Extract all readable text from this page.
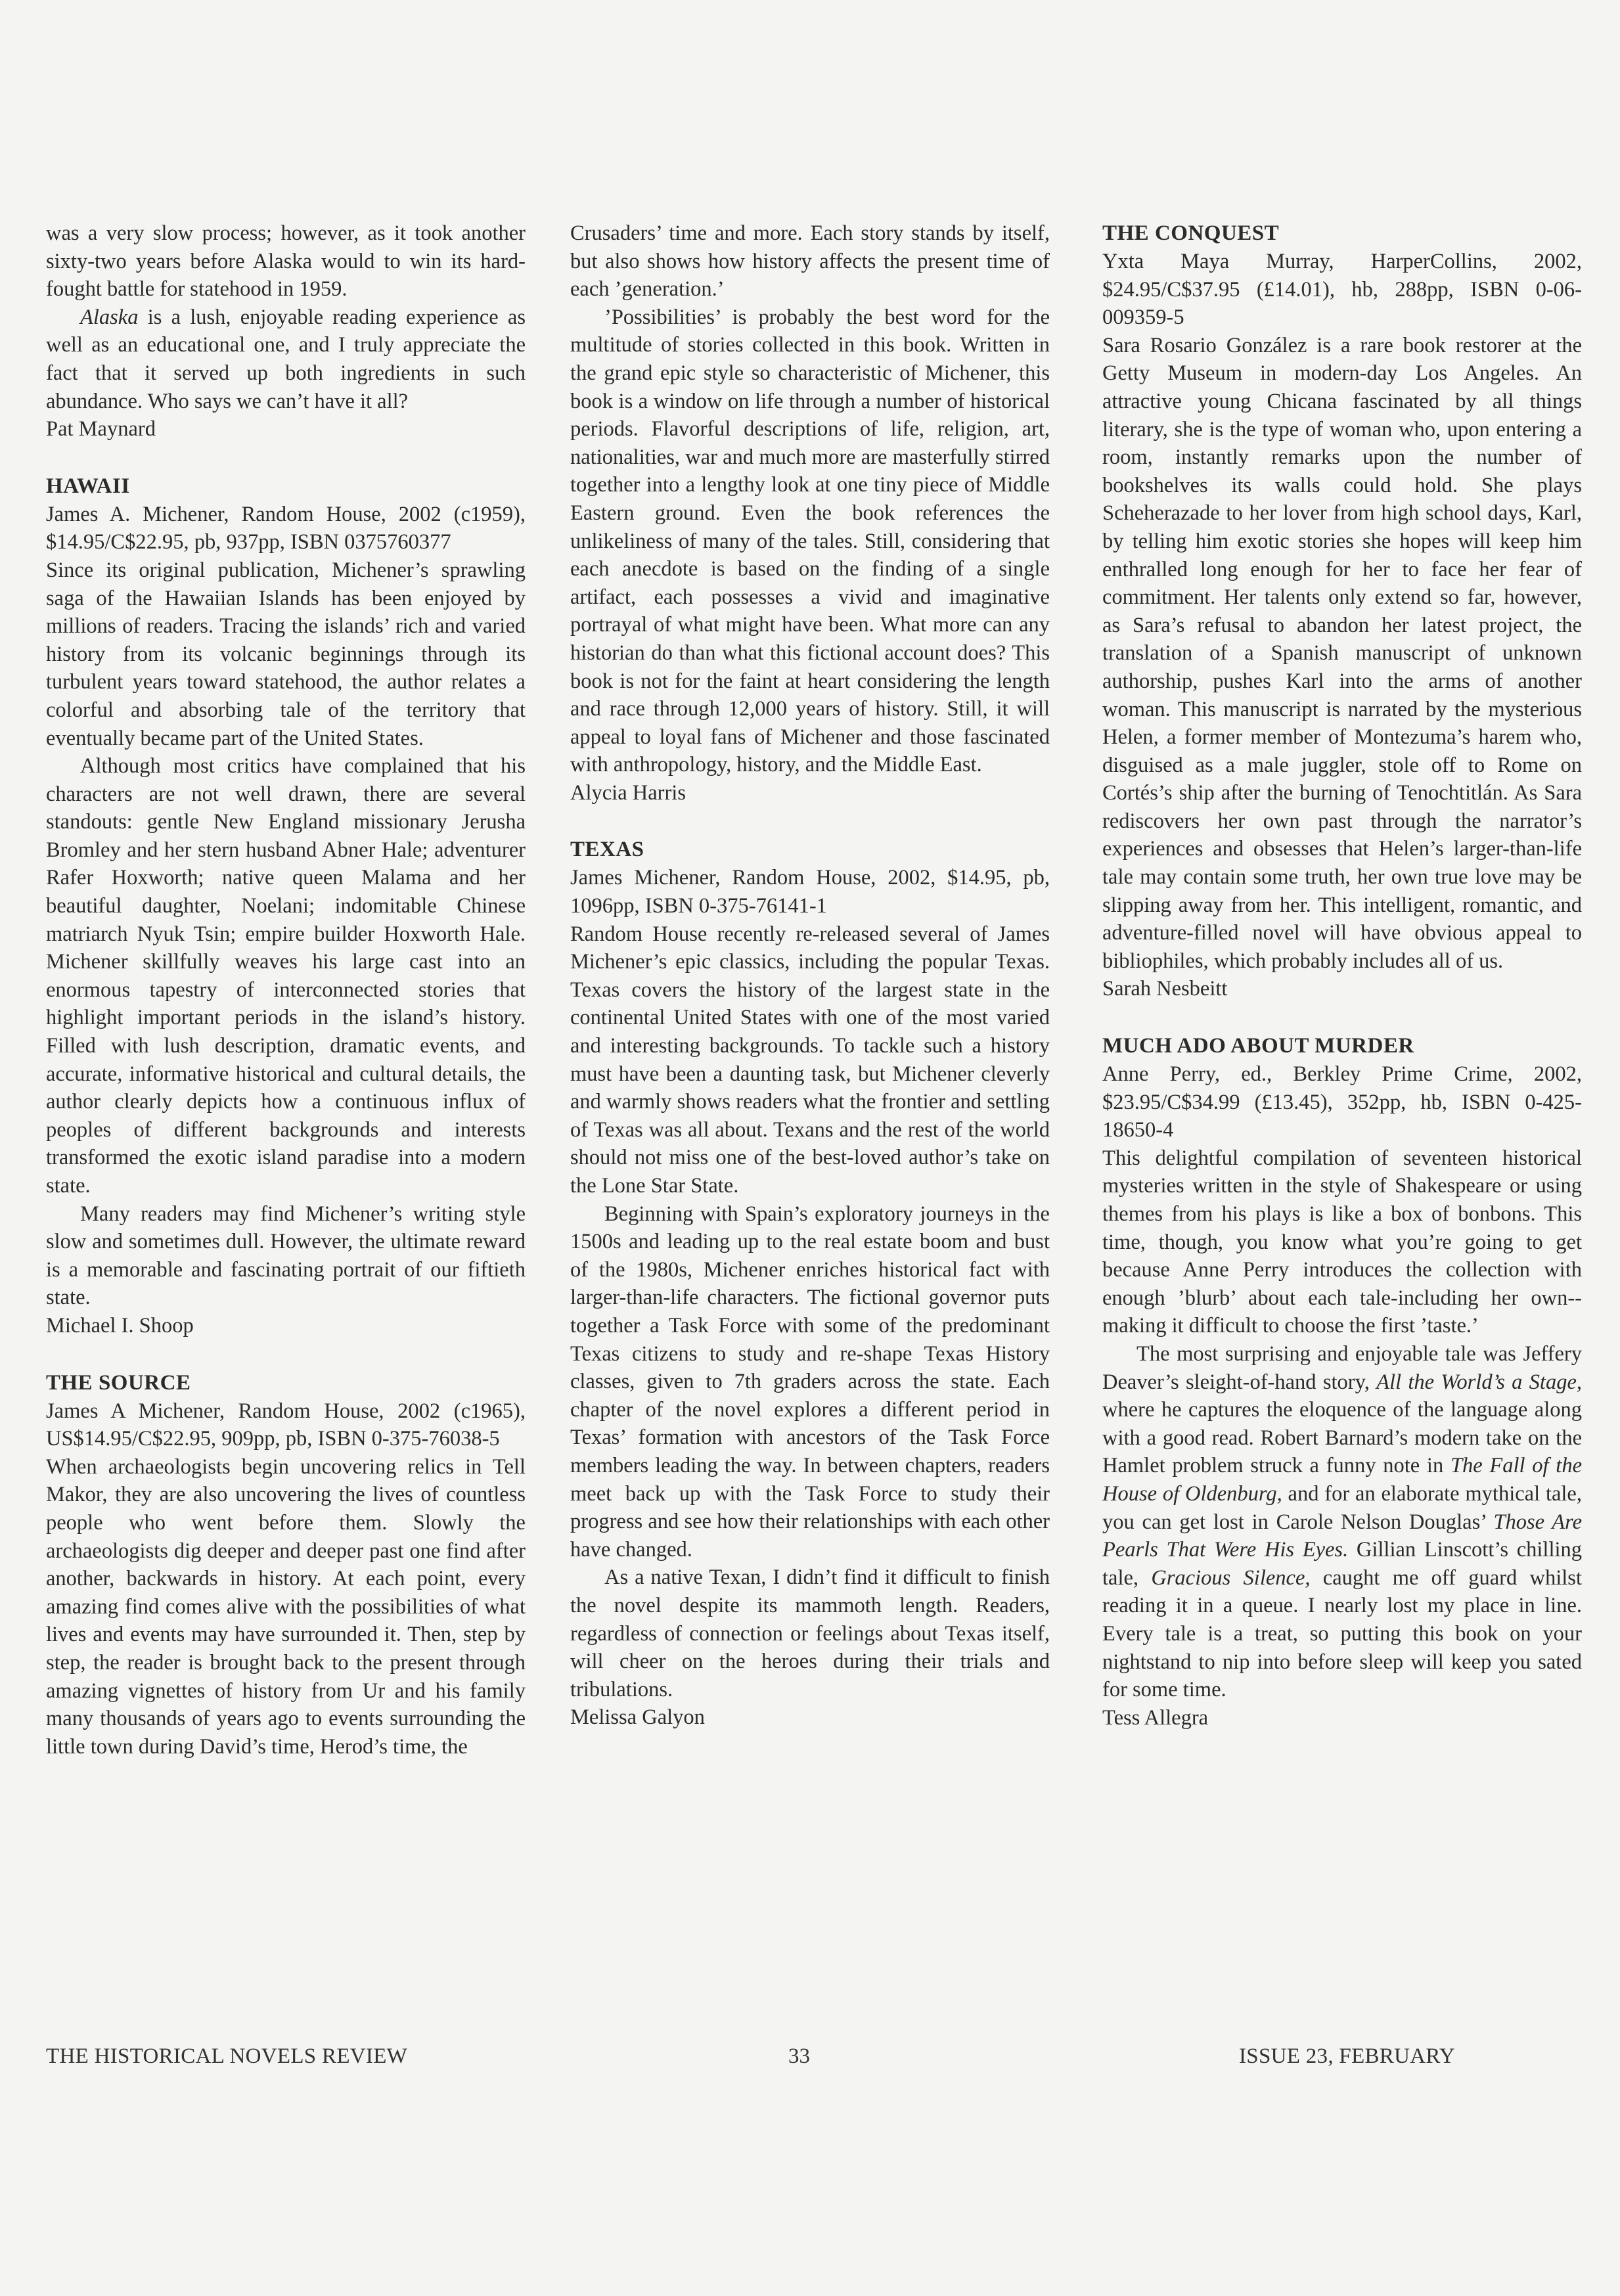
was a very slow process; however, as it took another sixty-two years before Alaska would to win its hard-fought battle for statehood in 1959.

Alaska is a lush, enjoyable reading experience as well as an educational one, and I truly appreciate the fact that it served up both ingredients in such abundance. Who says we can’t have it all?

Pat Maynard

HAWAII

James A. Michener, Random House, 2002 (c1959), $14.95/C$22.95, pb, 937pp, ISBN 0375760377

Since its original publication, Michener’s sprawling saga of the Hawaiian Islands has been enjoyed by millions of readers. Tracing the islands’ rich and varied history from its volcanic beginnings through its turbulent years toward statehood, the author relates a colorful and absorbing tale of the territory that eventually became part of the United States.

Although most critics have complained that his characters are not well drawn, there are several standouts: gentle New England missionary Jerusha Bromley and her stern husband Abner Hale; adventurer Rafer Hoxworth; native queen Malama and her beautiful daughter, Noelani; indomitable Chinese matriarch Nyuk Tsin; empire builder Hoxworth Hale. Michener skillfully weaves his large cast into an enormous tapestry of interconnected stories that highlight important periods in the island’s history. Filled with lush description, dramatic events, and accurate, informative historical and cultural details, the author clearly depicts how a continuous influx of peoples of different backgrounds and interests transformed the exotic island paradise into a modern state.

Many readers may find Michener’s writing style slow and sometimes dull. However, the ultimate reward is a memorable and fascinating portrait of our fiftieth state.

Michael I. Shoop

THE SOURCE

James A Michener, Random House, 2002 (c1965), US$14.95/C$22.95, 909pp, pb, ISBN 0-375-76038-5

When archaeologists begin uncovering relics in Tell Makor, they are also uncovering the lives of countless people who went before them. Slowly the archaeologists dig deeper and deeper past one find after another, backwards in history. At each point, every amazing find comes alive with the possibilities of what lives and events may have surrounded it. Then, step by step, the reader is brought back to the present through amazing vignettes of history from Ur and his family many thousands of years ago to events surrounding the little town during David’s time, Herod’s time, the

Crusaders’ time and more. Each story stands by itself, but also shows how history affects the present time of each ’generation.’

’Possibilities’ is probably the best word for the multitude of stories collected in this book. Written in the grand epic style so characteristic of Michener, this book is a window on life through a number of historical periods. Flavorful descriptions of life, religion, art, nationalities, war and much more are masterfully stirred together into a lengthy look at one tiny piece of Middle Eastern ground. Even the book references the unlikeliness of many of the tales. Still, considering that each anecdote is based on the finding of a single artifact, each possesses a vivid and imaginative portrayal of what might have been. What more can any historian do than what this fictional account does? This book is not for the faint at heart considering the length and race through 12,000 years of history. Still, it will appeal to loyal fans of Michener and those fascinated with anthropology, history, and the Middle East.

Alycia Harris

TEXAS

James Michener, Random House, 2002, $14.95, pb, 1096pp, ISBN 0-375-76141-1

Random House recently re-released several of James Michener’s epic classics, including the popular Texas. Texas covers the history of the largest state in the continental United States with one of the most varied and interesting backgrounds. To tackle such a history must have been a daunting task, but Michener cleverly and warmly shows readers what the frontier and settling of Texas was all about. Texans and the rest of the world should not miss one of the best-loved author’s take on the Lone Star State.

Beginning with Spain’s exploratory journeys in the 1500s and leading up to the real estate boom and bust of the 1980s, Michener enriches historical fact with larger-than-life characters. The fictional governor puts together a Task Force with some of the predominant Texas citizens to study and re-shape Texas History classes, given to 7th graders across the state. Each chapter of the novel explores a different period in Texas’ formation with ancestors of the Task Force members leading the way. In between chapters, readers meet back up with the Task Force to study their progress and see how their relationships with each other have changed.

As a native Texan, I didn’t find it difficult to finish the novel despite its mammoth length. Readers, regardless of connection or feelings about Texas itself, will cheer on the heroes during their trials and tribulations.

Melissa Galyon

THE CONQUEST

Yxta Maya Murray, HarperCollins, 2002, $24.95/C$37.95 (£14.01), hb, 288pp, ISBN 0-06-009359-5

Sara Rosario González is a rare book restorer at the Getty Museum in modern-day Los Angeles. An attractive young Chicana fascinated by all things literary, she is the type of woman who, upon entering a room, instantly remarks upon the number of bookshelves its walls could hold. She plays Scheherazade to her lover from high school days, Karl, by telling him exotic stories she hopes will keep him enthralled long enough for her to face her fear of commitment. Her talents only extend so far, however, as Sara’s refusal to abandon her latest project, the translation of a Spanish manuscript of unknown authorship, pushes Karl into the arms of another woman. This manuscript is narrated by the mysterious Helen, a former member of Montezuma’s harem who, disguised as a male juggler, stole off to Rome on Cortés’s ship after the burning of Tenochtitlán. As Sara rediscovers her own past through the narrator’s experiences and obsesses that Helen’s larger-than-life tale may contain some truth, her own true love may be slipping away from her. This intelligent, romantic, and adventure-filled novel will have obvious appeal to bibliophiles, which probably includes all of us.

Sarah Nesbeitt

MUCH ADO ABOUT MURDER

Anne Perry, ed., Berkley Prime Crime, 2002, $23.95/C$34.99 (£13.45), 352pp, hb, ISBN 0-425-18650-4

This delightful compilation of seventeen historical mysteries written in the style of Shakespeare or using themes from his plays is like a box of bonbons. This time, though, you know what you’re going to get because Anne Perry introduces the collection with enough ’blurb’ about each tale-including her own--making it difficult to choose the first ’taste.’

The most surprising and enjoyable tale was Jeffery Deaver’s sleight-of-hand story, All the World’s a Stage, where he captures the eloquence of the language along with a good read. Robert Barnard’s modern take on the Hamlet problem struck a funny note in The Fall of the House of Oldenburg, and for an elaborate mythical tale, you can get lost in Carole Nelson Douglas’ Those Are Pearls That Were His Eyes. Gillian Linscott’s chilling tale, Gracious Silence, caught me off guard whilst reading it in a queue. I nearly lost my place in line. Every tale is a treat, so putting this book on your nightstand to nip into before sleep will keep you sated for some time.

Tess Allegra

THE HISTORICAL NOVELS REVIEW	33	ISSUE 23, FEBRUARY
